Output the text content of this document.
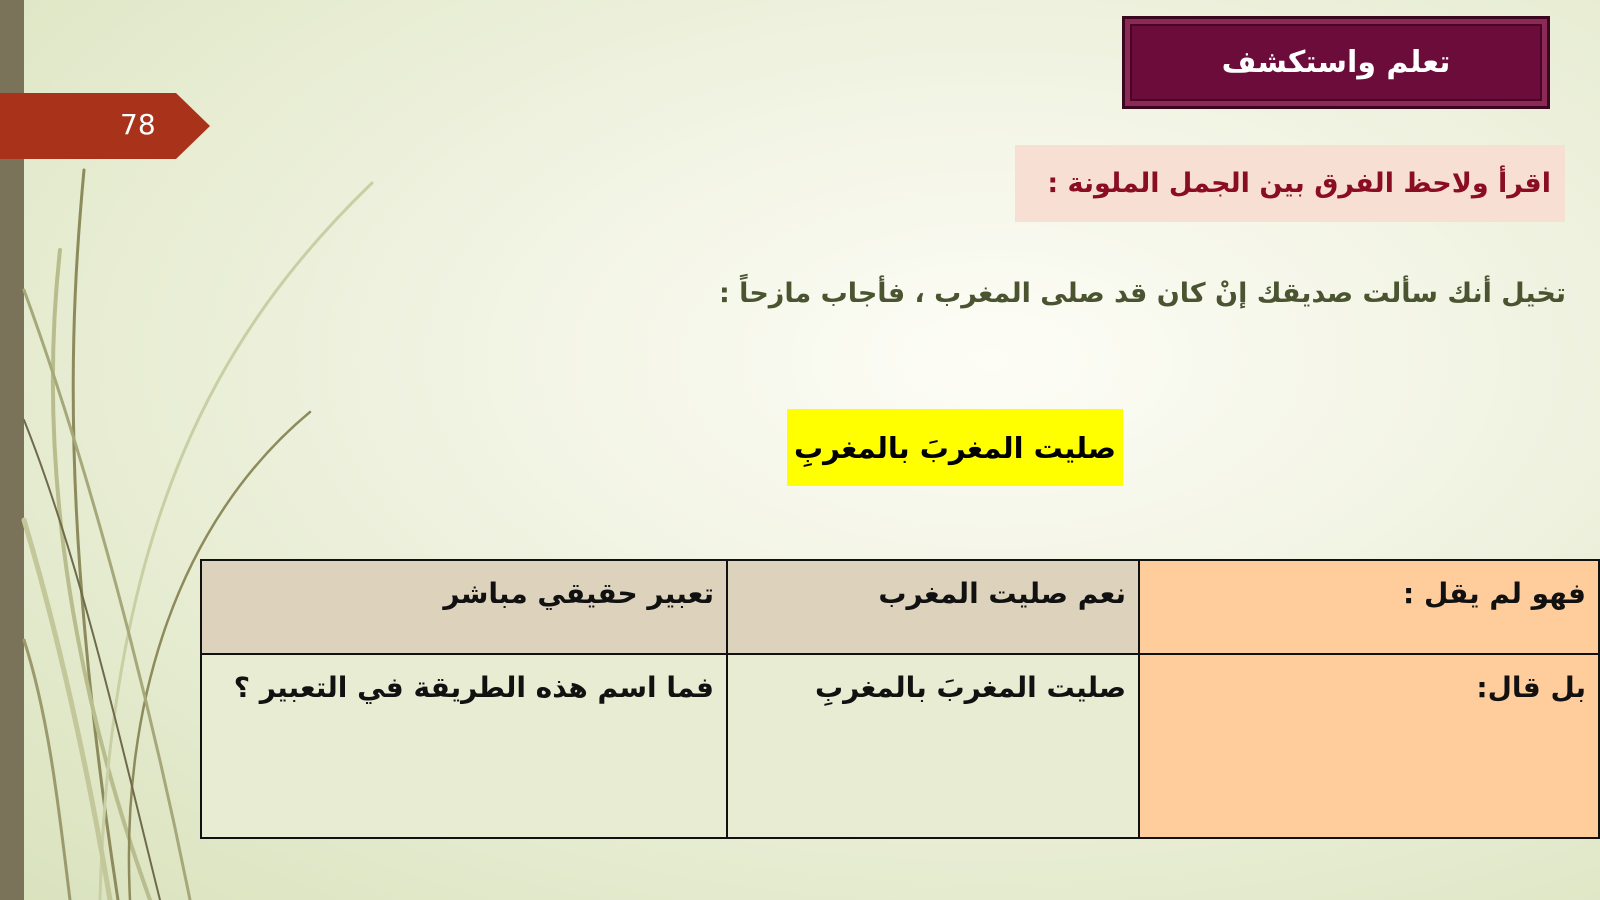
78
تعلم واستكشف
اقرأ ولاحظ الفرق بين الجمل الملونة :
تخيل أنك سألت صديقك إنْ كان قد صلى المغرب ، فأجاب مازحاً :
صليت المغربَ بالمغربِ
فهو لم يقل :	نعم صليت المغرب	تعبير حقيقي مباشر
بل قال:	صليت المغربَ بالمغربِ	فما اسم هذه الطريقة في التعبير ؟
